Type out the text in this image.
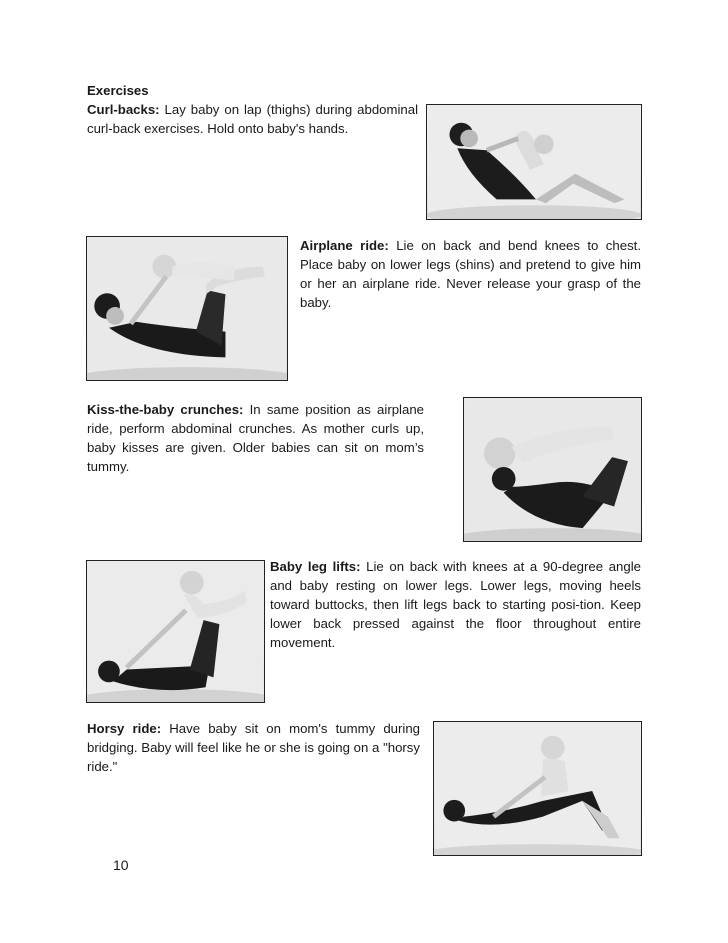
Exercises
Curl-backs: Lay baby on lap (thighs) during abdominal curl-back exercises. Hold onto baby's hands.
Airplane ride: Lie on back and bend knees to chest. Place baby on lower legs (shins) and pretend to give him or her an airplane ride. Never release your grasp of the baby.
Kiss-the-baby crunches: In same position as airplane ride, perform abdominal crunches. As mother curls up, baby kisses are given. Older babies can sit on mom’s tummy.
Baby leg lifts: Lie on back with knees at a 90-degree angle and baby resting on lower legs. Lower legs, moving heels toward buttocks, then lift legs back to starting posi-tion. Keep lower back pressed against the floor throughout entire movement.
Horsy ride: Have baby sit on mom's tummy during bridging. Baby will feel like he or she is going on a "horsy ride."
10
